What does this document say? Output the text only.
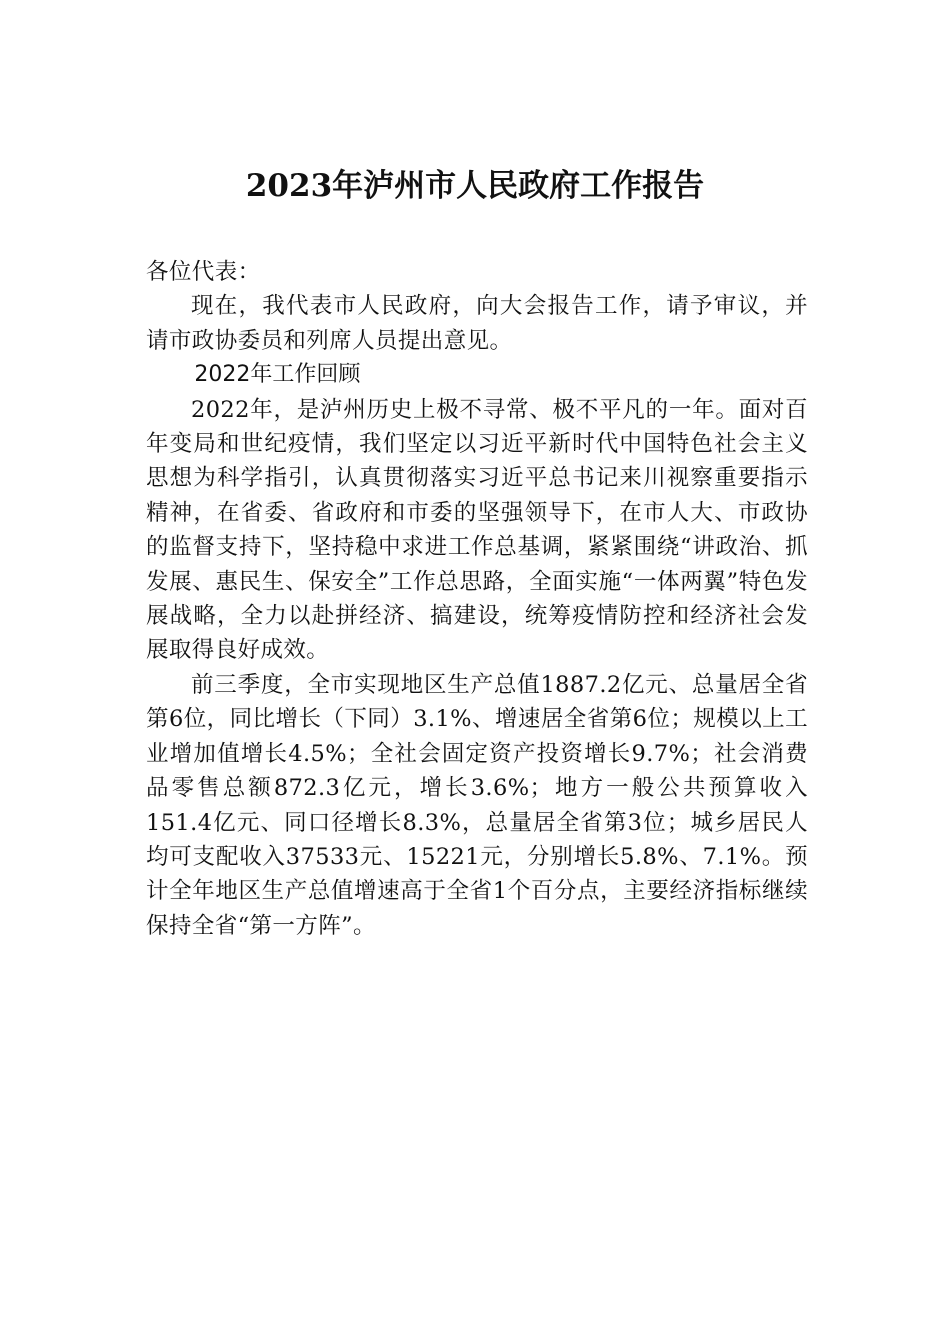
2023年泸州市人民政府工作报告

各位代表：

现在，我代表市人民政府，向大会报告工作，请予审议，并请市政协委员和列席人员提出意见。

2022年工作回顾

2022年，是泸州历史上极不寻常、极不平凡的一年。面对百年变局和世纪疫情，我们坚定以习近平新时代中国特色社会主义思想为科学指引，认真贯彻落实习近平总书记来川视察重要指示精神，在省委、省政府和市委的坚强领导下，在市人大、市政协的监督支持下，坚持稳中求进工作总基调，紧紧围绕“讲政治、抓发展、惠民生、保安全”工作总思路，全面实施“一体两翼”特色发展战略，全力以赴拼经济、搞建设，统筹疫情防控和经济社会发展取得良好成效。

前三季度，全市实现地区生产总值1887.2亿元、总量居全省第6位，同比增长（下同）3.1%、增速居全省第6位；规模以上工业增加值增长4.5%；全社会固定资产投资增长9.7%；社会消费品零售总额872.3亿元，增长3.6%；地方一般公共预算收入151.4亿元、同口径增长8.3%，总量居全省第3位；城乡居民人均可支配收入37533元、15221元，分别增长5.8%、7.1%。预计全年地区生产总值增速高于全省1个百分点，主要经济指标继续保持全省“第一方阵”。
